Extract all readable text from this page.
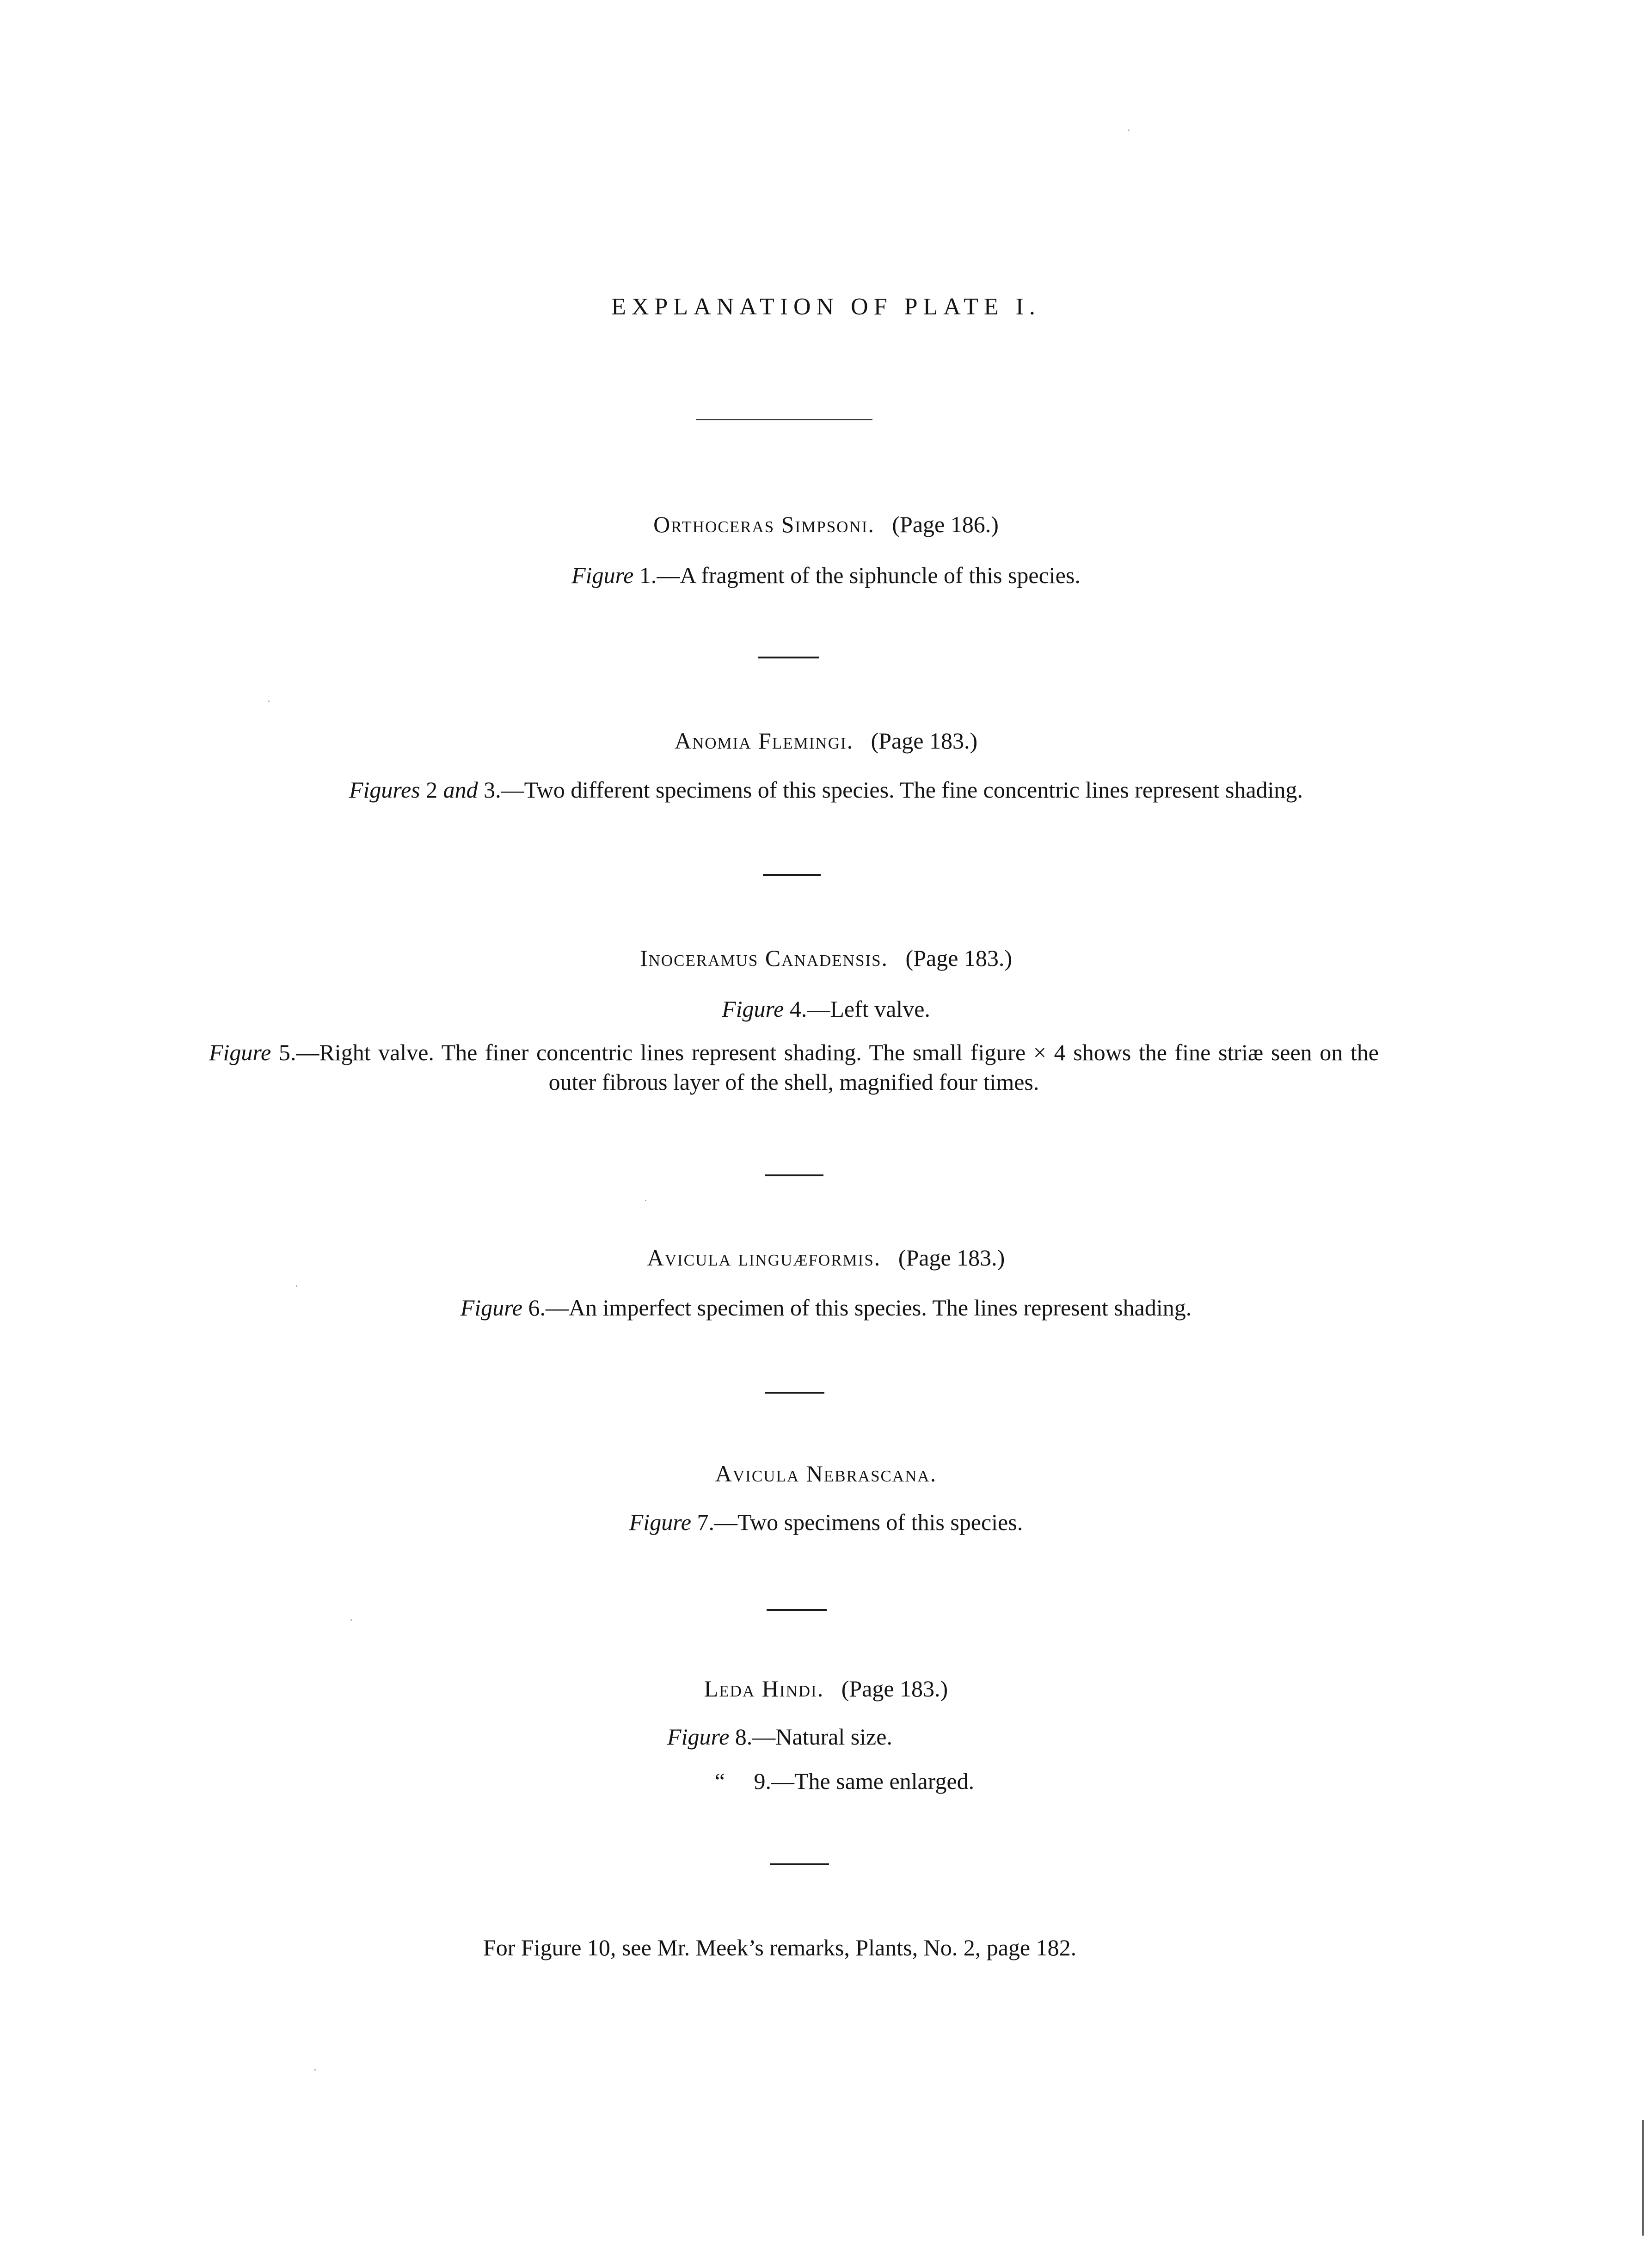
EXPLANATION OF PLATE I.
Orthoceras Simpsoni. (Page 186.)
Figure 1.—A fragment of the siphuncle of this species.
Anomia Flemingi. (Page 183.)
Figures 2 and 3.—Two different specimens of this species. The fine concentric lines represent shading.
Inoceramus Canadensis. (Page 183.)
Figure 4.—Left valve.
Figure 5.—Right valve. The finer concentric lines represent shading. The small figure × 4 shows the fine striæ seen on the outer fibrous layer of the shell, magnified four times.
Avicula linguæformis. (Page 183.)
Figure 6.—An imperfect specimen of this species. The lines represent shading.
Avicula Nebrascana.
Figure 7.—Two specimens of this species.
Leda Hindi. (Page 183.)
Figure 8.—Natural size.
“ 9.—The same enlarged.
For Figure 10, see Mr. Meek’s remarks, Plants, No. 2, page 182.
